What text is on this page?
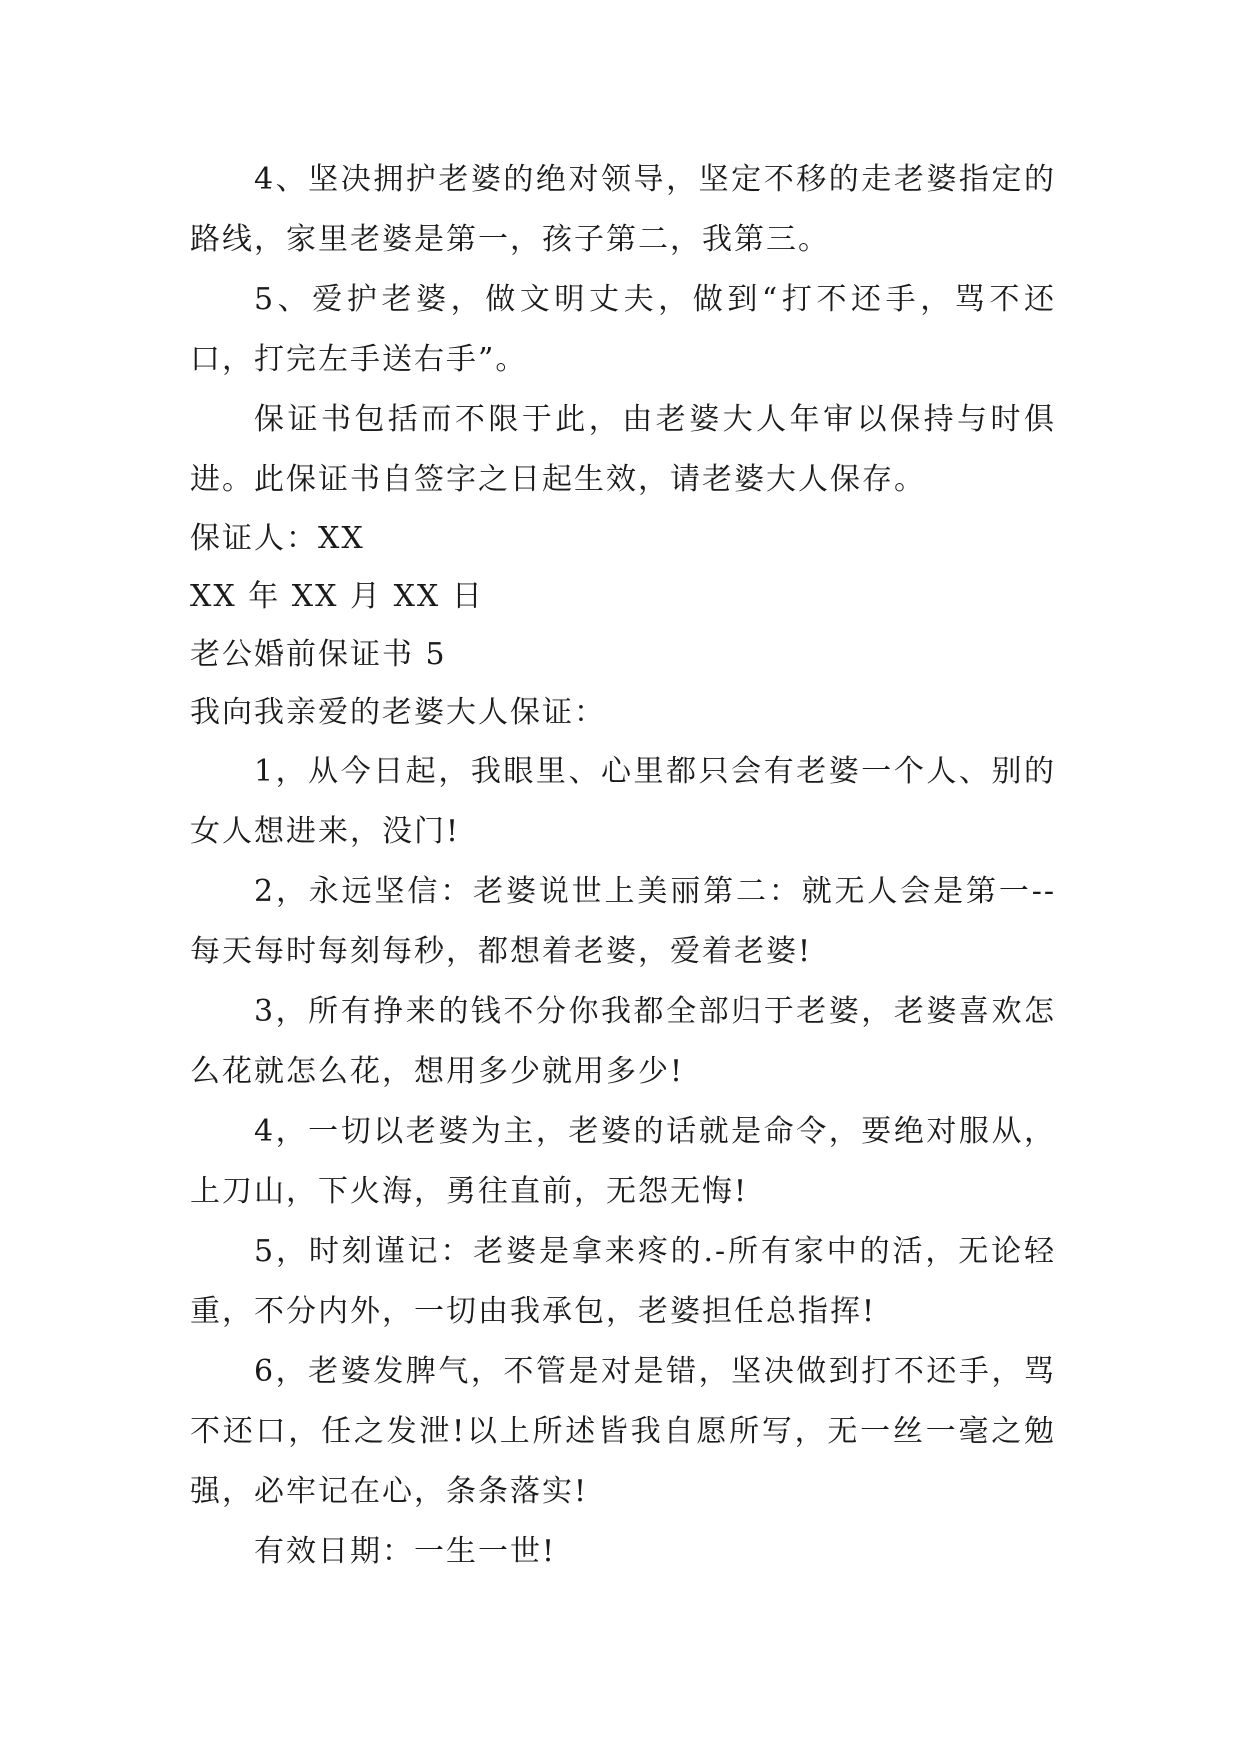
4、坚决拥护老婆的绝对领导，坚定不移的走老婆指定的路线，家里老婆是第一，孩子第二，我第三。

5、爱护老婆，做文明丈夫，做到“打不还手，骂不还口，打完左手送右手”。

保证书包括而不限于此，由老婆大人年审以保持与时俱进。此保证书自签字之日起生效，请老婆大人保存。

保证人：XX

XX 年 XX 月 XX 日

老公婚前保证书 5

我向我亲爱的老婆大人保证：

1，从今日起，我眼里、心里都只会有老婆一个人、别的女人想进来，没门!

2，永远坚信：老婆说世上美丽第二：就无人会是第一--每天每时每刻每秒，都想着老婆，爱着老婆!

3，所有挣来的钱不分你我都全部归于老婆，老婆喜欢怎么花就怎么花，想用多少就用多少!

4，一切以老婆为主，老婆的话就是命令，要绝对服从，上刀山，下火海，勇往直前，无怨无悔!

5，时刻谨记：老婆是拿来疼的.-所有家中的活，无论轻重，不分内外，一切由我承包，老婆担任总指挥!

6，老婆发脾气，不管是对是错，坚决做到打不还手，骂不还口，任之发泄!以上所述皆我自愿所写，无一丝一毫之勉强，必牢记在心，条条落实!

有效日期：一生一世!
